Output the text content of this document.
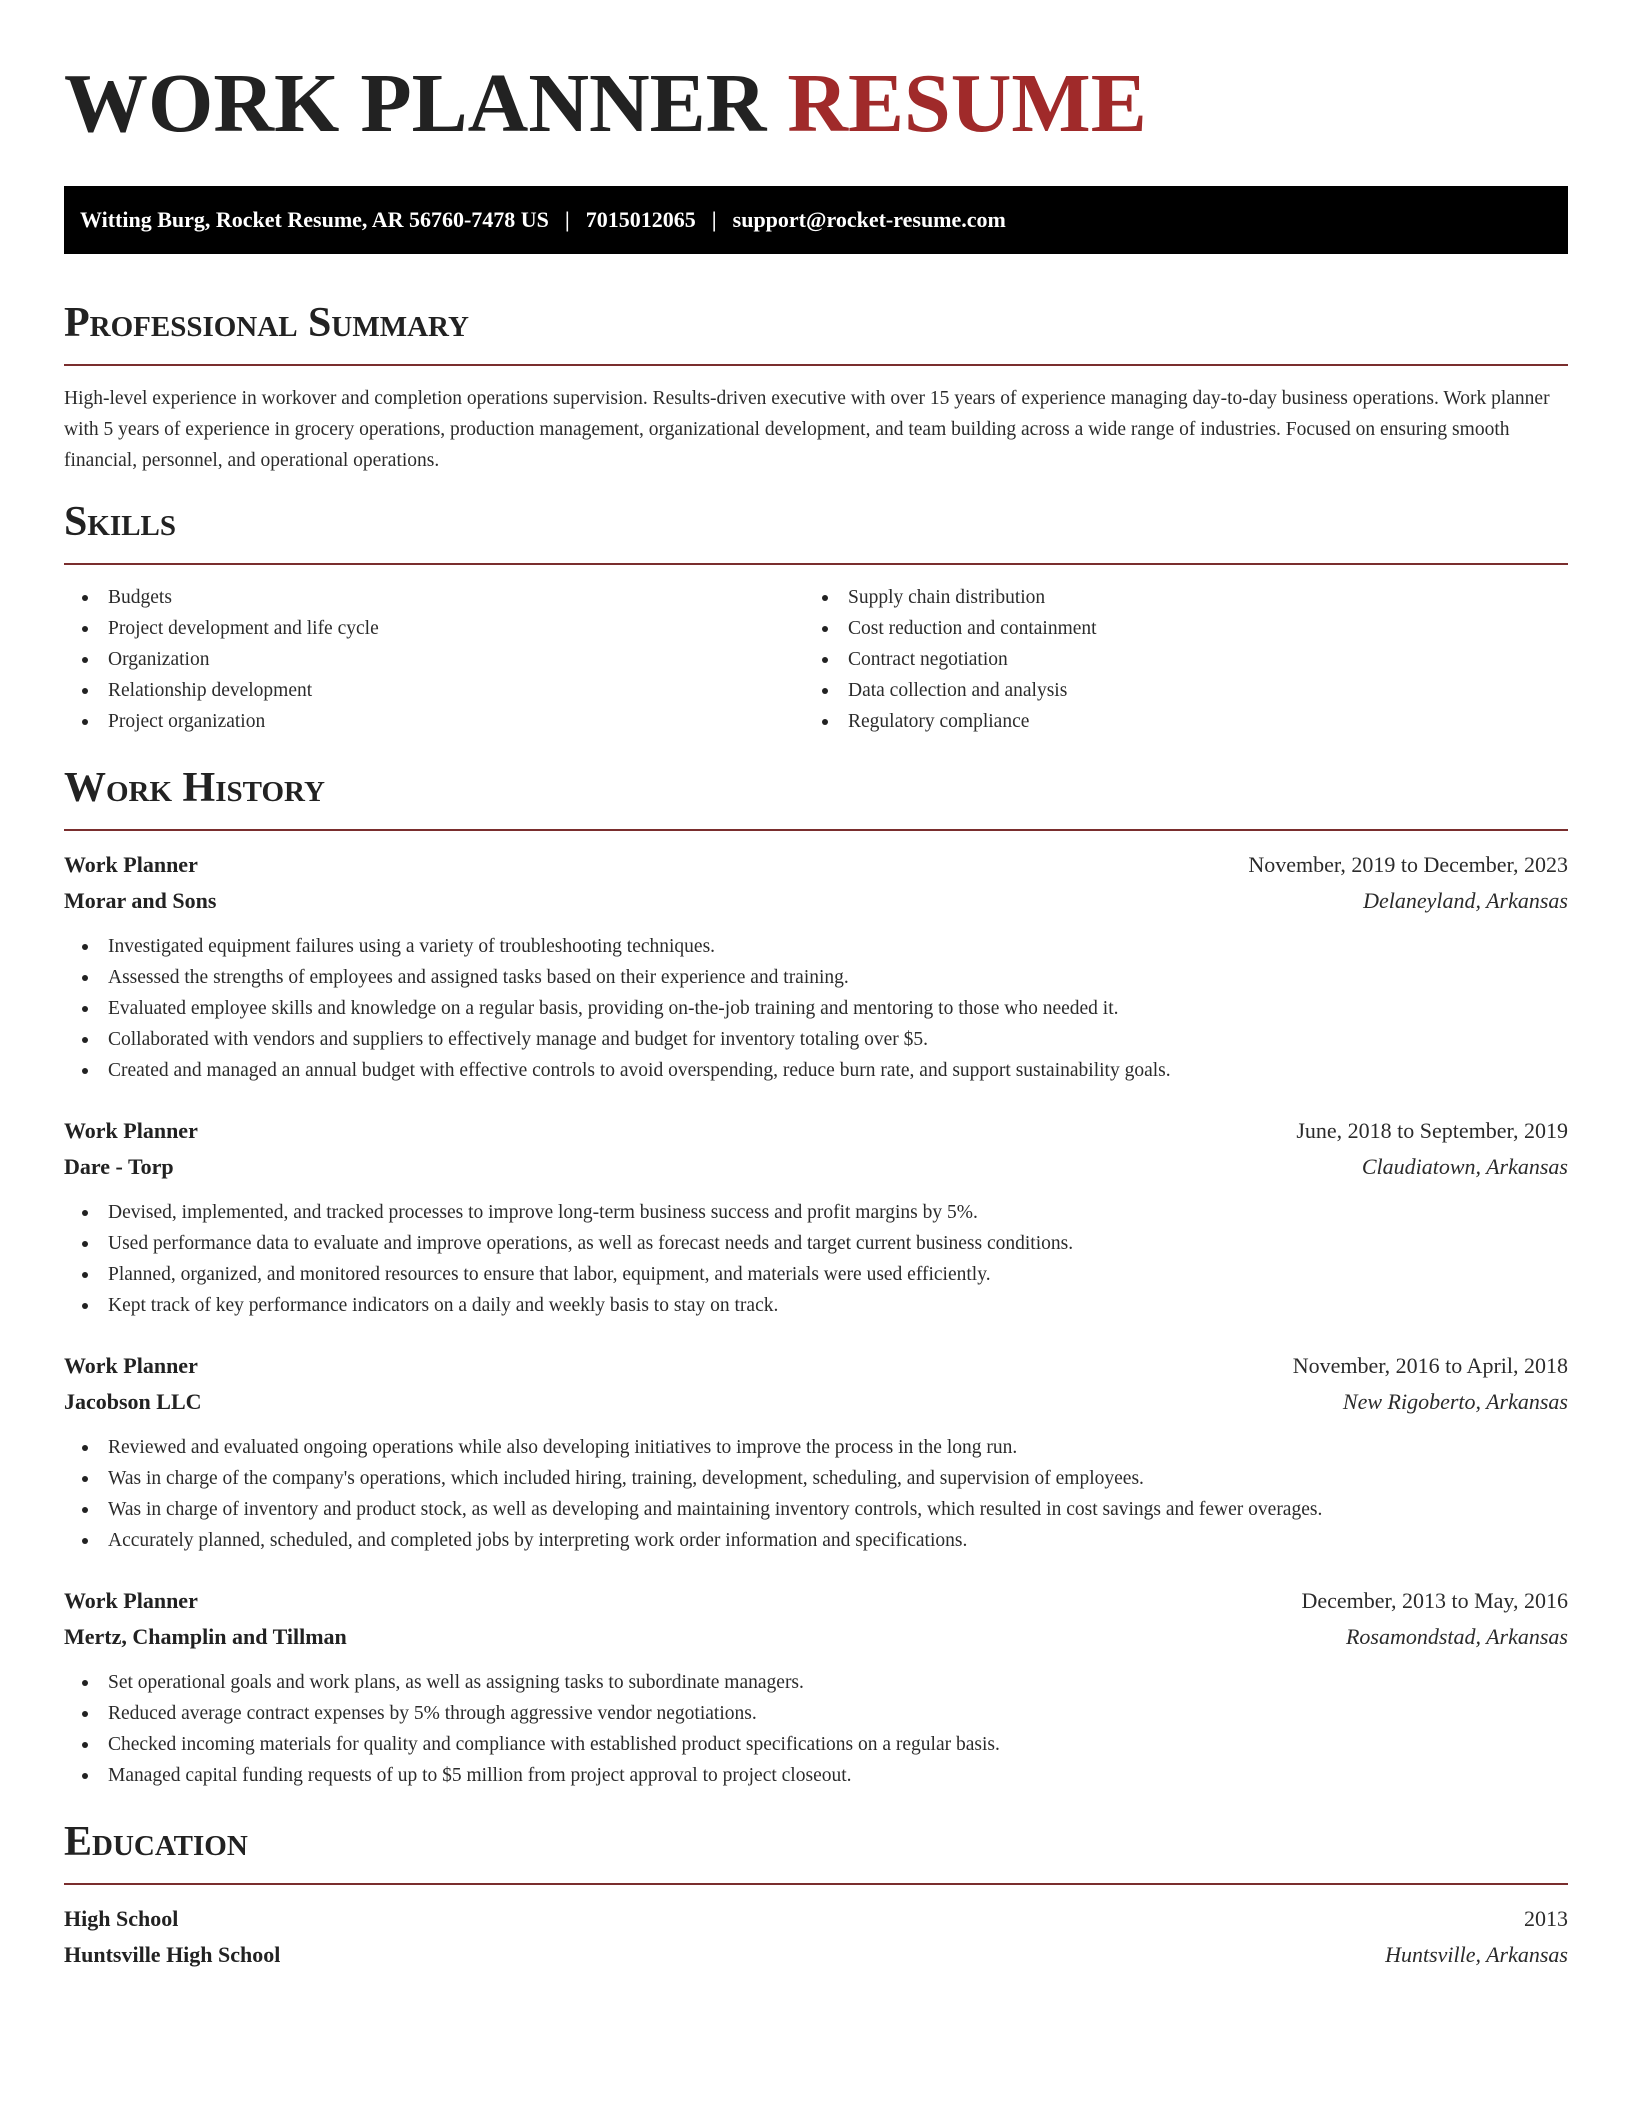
WORK PLANNER RESUME
Witting Burg, Rocket Resume, AR 56760-7478 US | 7015012065 | support@rocket-resume.com
Professional Summary

High-level experience in workover and completion operations supervision. Results-driven executive with over 15 years of experience managing day-to-day business operations. Work planner with 5 years of experience in grocery operations, production management, organizational development, and team building across a wide range of industries. Focused on ensuring smooth financial, personnel, and operational operations.

Skills
Budgets
Project development and life cycle
Organization
Relationship development
Project organization
Supply chain distribution
Cost reduction and containment
Contract negotiation
Data collection and analysis
Regulatory compliance
Work History
Work Planner	November, 2019 to December, 2023
Morar and Sons	Delaneyland, Arkansas
Investigated equipment failures using a variety of troubleshooting techniques.
Assessed the strengths of employees and assigned tasks based on their experience and training.
Evaluated employee skills and knowledge on a regular basis, providing on-the-job training and mentoring to those who needed it.
Collaborated with vendors and suppliers to effectively manage and budget for inventory totaling over $5.
Created and managed an annual budget with effective controls to avoid overspending, reduce burn rate, and support sustainability goals.
Work Planner	June, 2018 to September, 2019
Dare - Torp	Claudiatown, Arkansas
Devised, implemented, and tracked processes to improve long-term business success and profit margins by 5%.
Used performance data to evaluate and improve operations, as well as forecast needs and target current business conditions.
Planned, organized, and monitored resources to ensure that labor, equipment, and materials were used efficiently.
Kept track of key performance indicators on a daily and weekly basis to stay on track.
Work Planner	November, 2016 to April, 2018
Jacobson LLC	New Rigoberto, Arkansas
Reviewed and evaluated ongoing operations while also developing initiatives to improve the process in the long run.
Was in charge of the company's operations, which included hiring, training, development, scheduling, and supervision of employees.
Was in charge of inventory and product stock, as well as developing and maintaining inventory controls, which resulted in cost savings and fewer overages.
Accurately planned, scheduled, and completed jobs by interpreting work order information and specifications.
Work Planner	December, 2013 to May, 2016
Mertz, Champlin and Tillman	Rosamondstad, Arkansas
Set operational goals and work plans, as well as assigning tasks to subordinate managers.
Reduced average contract expenses by 5% through aggressive vendor negotiations.
Checked incoming materials for quality and compliance with established product specifications on a regular basis.
Managed capital funding requests of up to $5 million from project approval to project closeout.
Education
High School	2013
Huntsville High School	Huntsville, Arkansas
